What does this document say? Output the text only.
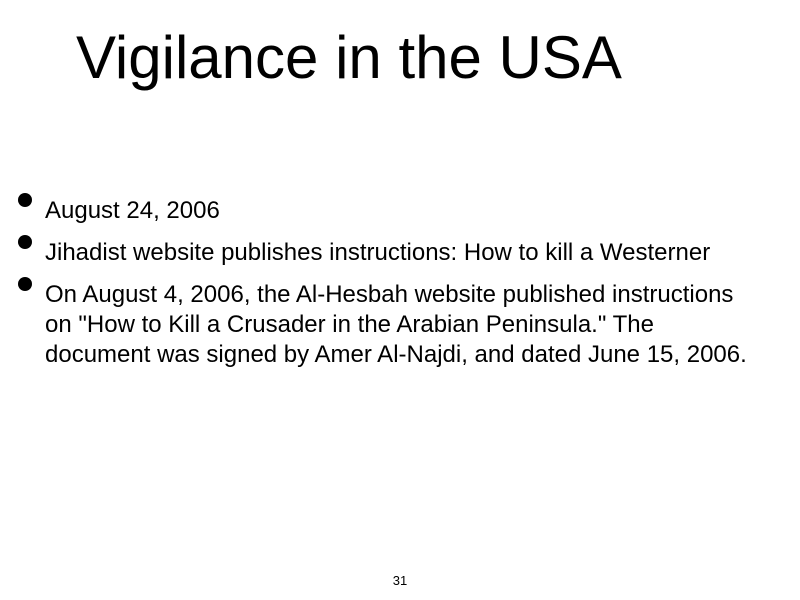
Vigilance in the USA
August 24, 2006
Jihadist website publishes instructions: How to kill a Westerner
On August 4, 2006, the Al-Hesbah website published instructions on "How to Kill a Crusader in the Arabian Peninsula." The document was signed by Amer Al-Najdi, and dated June 15, 2006.
31
